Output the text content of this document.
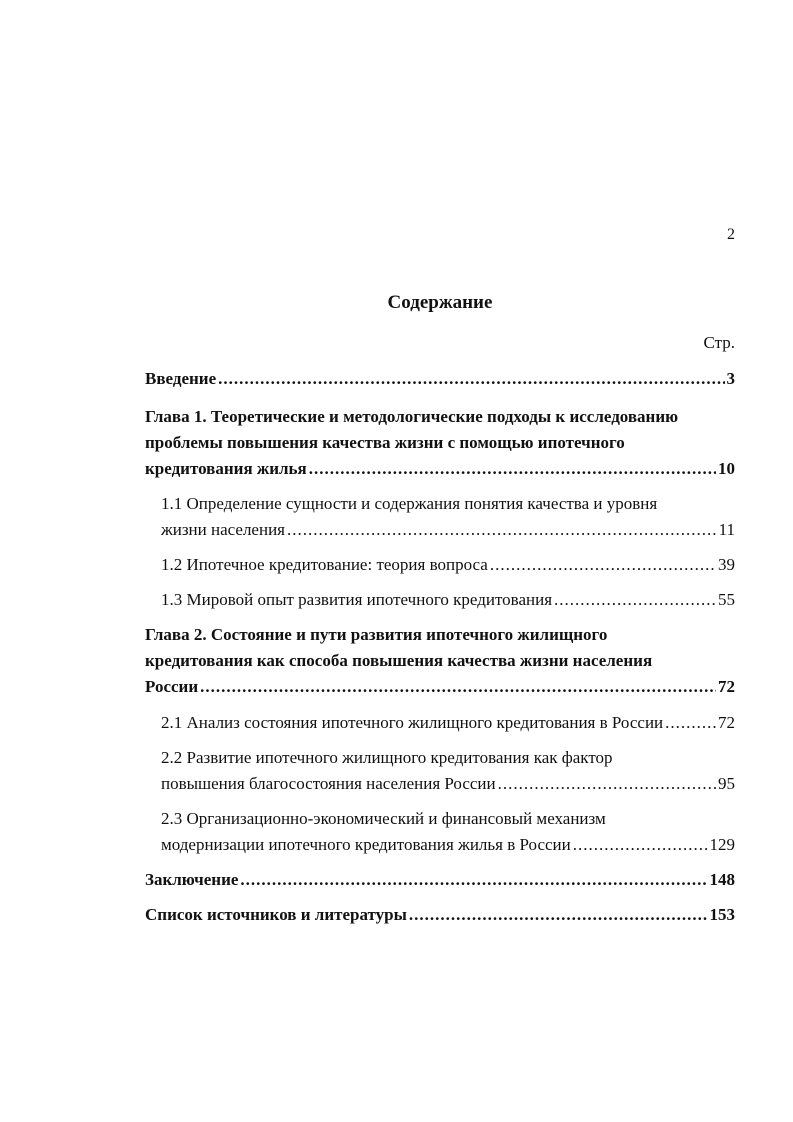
2
Содержание
Стр.
Введение .....	3
Глава 1. Теоретические и методологические подходы к исследованию
проблемы повышения качества жизни с помощью ипотечного
кредитования жилья .....	10
1.1 Определение сущности и содержания понятия качества и уровня
жизни населения .....	11
1.2 Ипотечное кредитование: теория вопроса .....	39
1.3 Мировой опыт развития ипотечного кредитования .....	55
Глава 2. Состояние и пути развития ипотечного жилищного
кредитования как способа повышения качества жизни населения
России .....	72
2.1 Анализ состояния ипотечного жилищного кредитования в России .....	72
2.2 Развитие ипотечного жилищного кредитования как фактор
повышения благосостояния населения России .....	95
2.3 Организационно-экономический и финансовый механизм
модернизации ипотечного кредитования жилья в России .....	129
Заключение .....	148
Список источников и литературы .....	153
